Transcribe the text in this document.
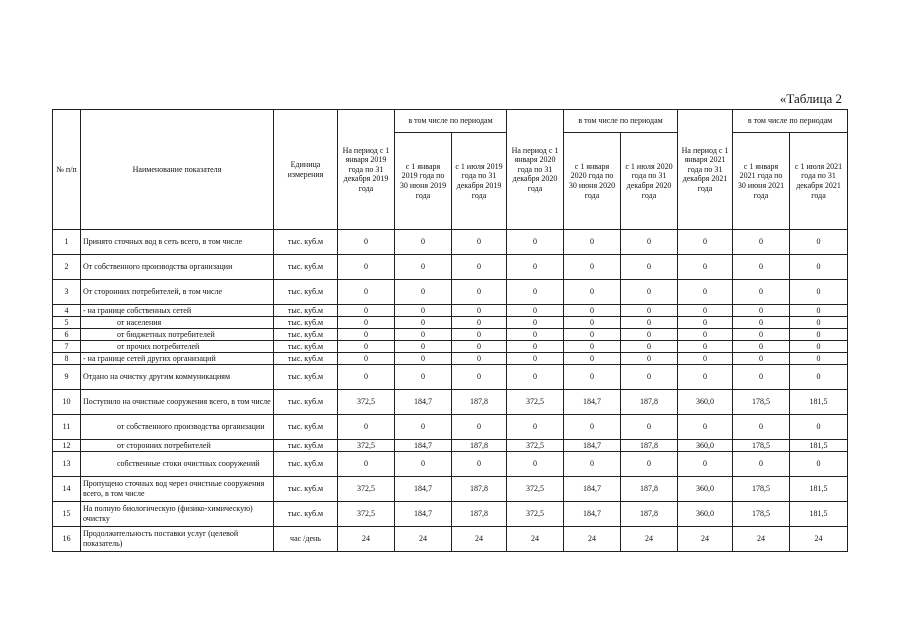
«Таблица 2
№ п/п	Наименование показателя	Единица измерения	На период с 1 января 2019 года по 31 декабря 2019 года	в том числе по периодам		На период с 1 января 2020 года по 31 декабря 2020 года	в том числе по периодам		На период с 1 января 2021 года по 31 декабря 2021 года	в том числе по периодам	
				с 1 января 2019 года по 30 июня 2019 года	с 1 июля 2019 года по 31 декабря 2019 года		с 1 января 2020 года по 30 июня 2020 года	с 1 июля 2020 года по 31 декабря 2020 года		с 1 января 2021 года по 30 июня 2021 года	с 1 июля 2021 года по 31 декабря 2021 года
1	Принято сточных вод в сеть всего, в том числе	тыс. куб.м	0	0	0	0	0	0	0	0	0
2	От собственного производства организации	тыс. куб.м	0	0	0	0	0	0	0	0	0
3	От сторонних потребителей, в том числе	тыс. куб.м	0	0	0	0	0	0	0	0	0
4	- на границе собственных сетей	тыс. куб.м	0	0	0	0	0	0	0	0	0
5	от населения	тыс. куб.м	0	0	0	0	0	0	0	0	0
6	от бюджетных потребителей	тыс. куб.м	0	0	0	0	0	0	0	0	0
7	от прочих потребителей	тыс. куб.м	0	0	0	0	0	0	0	0	0
8	- на границе сетей других организаций	тыс. куб.м	0	0	0	0	0	0	0	0	0
9	Отдано на очистку другим коммуникациям	тыс. куб.м	0	0	0	0	0	0	0	0	0
10	Поступило на очистные сооружения всего, в том числе	тыс. куб.м	372,5	184,7	187,8	372,5	184,7	187,8	360,0	178,5	181,5
11	от собственного производства организации	тыс. куб.м	0	0	0	0	0	0	0	0	0
12	от сторонних потребителей	тыс. куб.м	372,5	184,7	187,8	372,5	184,7	187,8	360,0	178,5	181,5
13	собственные стоки очистных сооружений	тыс. куб.м	0	0	0	0	0	0	0	0	0
14	Пропущено сточных вод через очистные сооружения всего, в том числе	тыс. куб.м	372,5	184,7	187,8	372,5	184,7	187,8	360,0	178,5	181,5
15	На полную биологическую (физико-химическую) очистку	тыс. куб.м	372,5	184,7	187,8	372,5	184,7	187,8	360,0	178,5	181,5
16	Продолжительность поставки услуг (целевой показатель)	час /день	24	24	24	24	24	24	24	24	24
